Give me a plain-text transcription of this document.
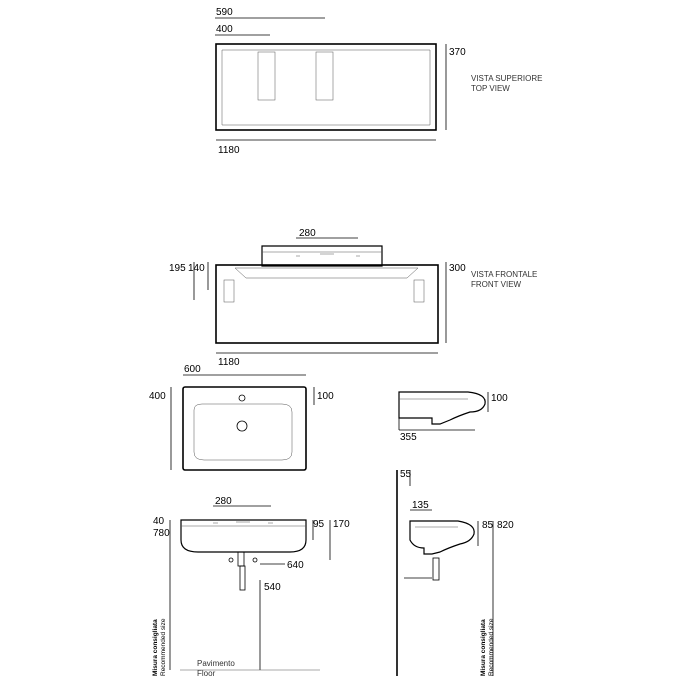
590
400
370
1180
VISTA SUPERIORE
TOP VIEW
280
195 140	300
1180
VISTA FRONTALE
FRONT VIEW
600
400	100	100
355
280
40
780
95 170
640
540
Misura consigliata Recommended size	Pavimento
Floor
55
135
85 820
Misura consigliata Recommended size
